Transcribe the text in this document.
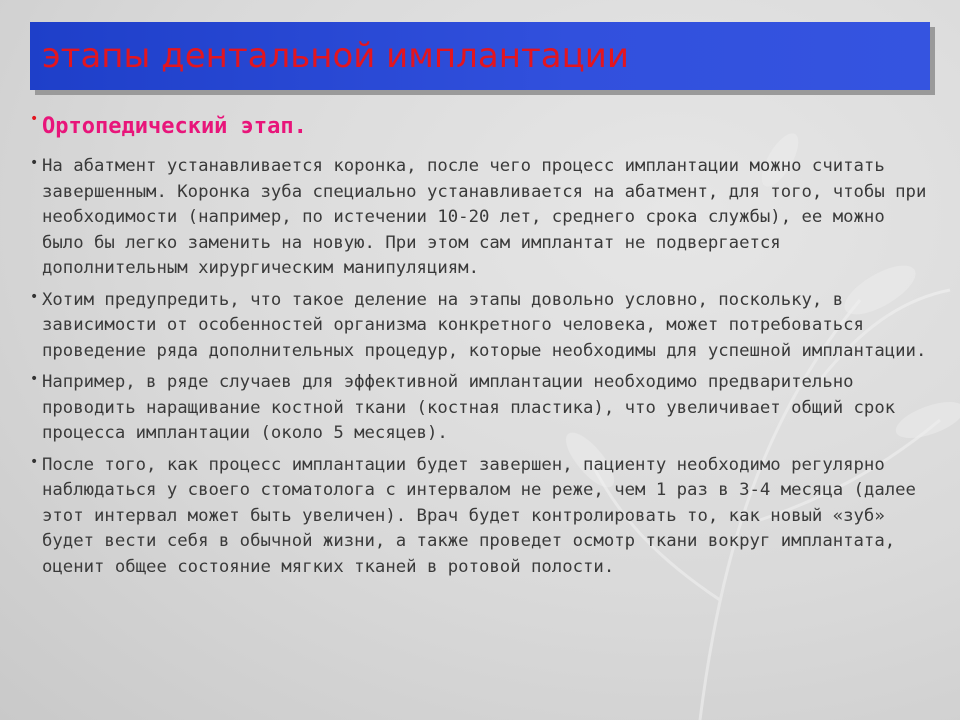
этапы дентальной имплантации
• Ортопедический этап.
• На абатмент устанавливается коронка, после чего процесс имплантации можно считать завершенным. Коронка зуба специально устанавливается на абатмент, для того, чтобы при необходимости (например, по истечении 10-20 лет, среднего срока службы), ее можно было бы легко заменить на новую. При этом сам имплантат не подвергается дополнительным хирургическим манипуляциям.
• Хотим предупредить, что такое деление на этапы довольно условно, поскольку, в зависимости от особенностей организма конкретного человека, может потребоваться проведение ряда дополнительных процедур, которые необходимы для успешной имплантации.
• Например, в ряде случаев для эффективной имплантации необходимо предварительно проводить наращивание костной ткани (костная пластика), что увеличивает общий срок процесса имплантации (около 5 месяцев).
• После того, как процесс имплантации будет завершен, пациенту необходимо регулярно наблюдаться у своего стоматолога с интервалом не реже, чем 1 раз в 3-4 месяца (далее этот интервал может быть увеличен). Врач будет контролировать то, как новый «зуб» будет вести себя в обычной жизни, а также проведет осмотр ткани вокруг имплантата, оценит общее состояние мягких тканей в ротовой полости.
